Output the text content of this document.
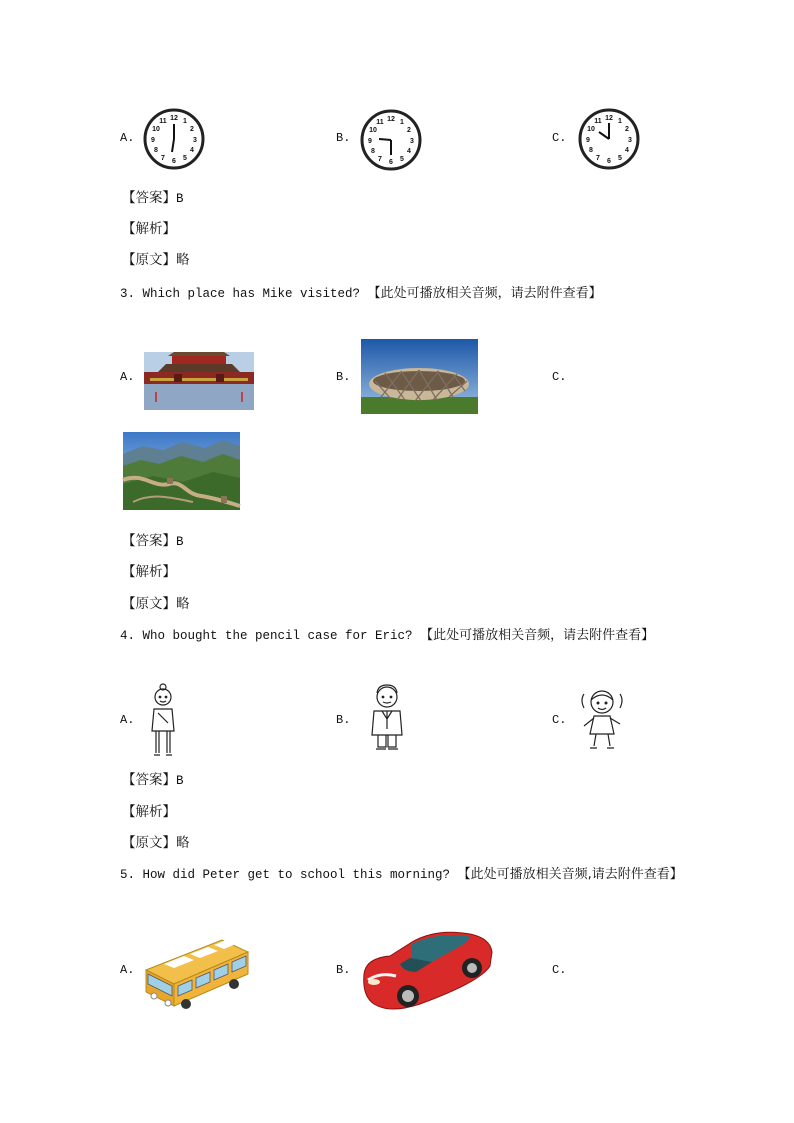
A.
12 1
2
3
4
5
6
7
8
9
10
11
B.
12 1
2
3
4
5
6
7
8
9
10
11
C.
12 1
2
3
4
5
6
7
8
9
10
11
【答案】B
【解析】
【原文】略
3. Which place has Mike visited? 【此处可播放相关音频，请去附件查看】
A.	B.	C.
【答案】B
【解析】
【原文】略
4. Who bought the pencil case for Eric? 【此处可播放相关音频，请去附件查看】
A.	B.	C.
【答案】B
【解析】
【原文】略
5. How did Peter get to school this morning? 【此处可播放相关音频,请去附件查看】
A.	B.	C.
